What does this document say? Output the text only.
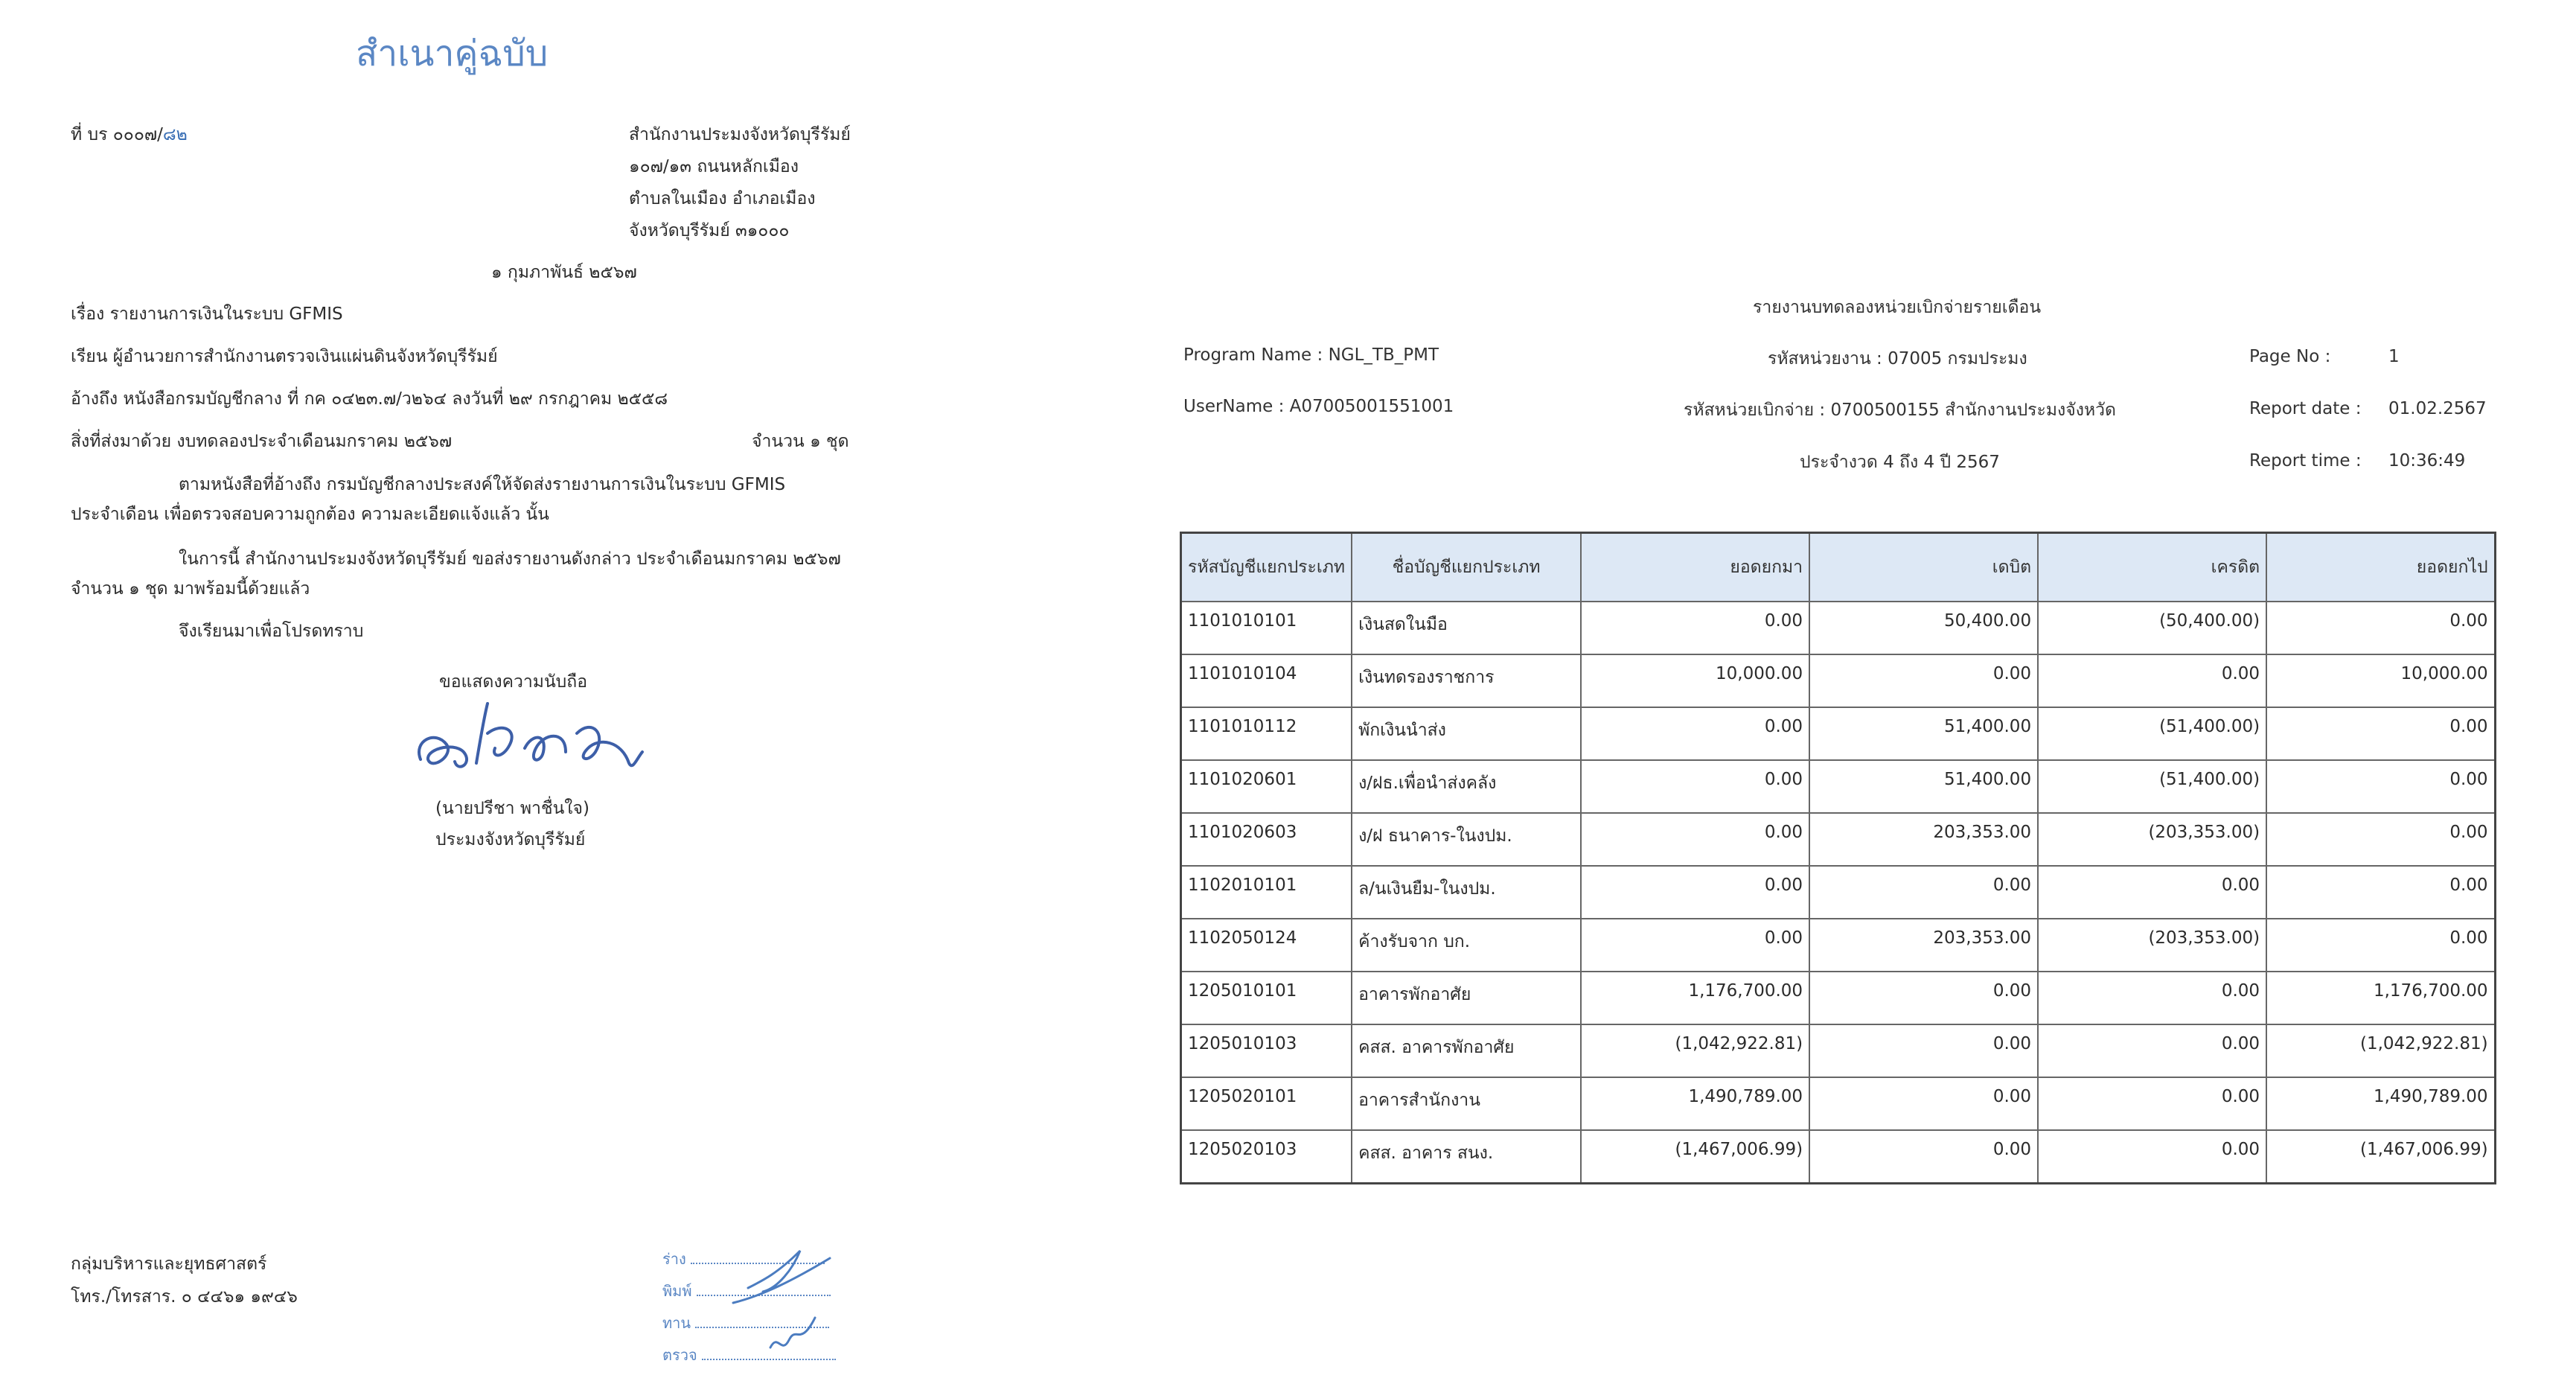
สำเนาคู่ฉบับ
ที่ บร ๐๐๐๗/๘๒	สำนักงานประมงจังหวัดบุรีรัมย์
๑๐๗/๑๓ ถนนหลักเมือง
ตำบลในเมือง อำเภอเมือง
จังหวัดบุรีรัมย์ ๓๑๐๐๐
๑ กุมภาพันธ์ ๒๕๖๗
เรื่อง รายงานการเงินในระบบ GFMIS
เรียน ผู้อำนวยการสำนักงานตรวจเงินแผ่นดินจังหวัดบุรีรัมย์
อ้างถึง หนังสือกรมบัญชีกลาง ที่ กค ๐๔๒๓.๗/ว๒๖๔ ลงวันที่ ๒๙ กรกฎาคม ๒๕๕๘
สิ่งที่ส่งมาด้วย งบทดลองประจำเดือนมกราคม ๒๕๖๗	จำนวน ๑ ชุด
ตามหนังสือที่อ้างถึง กรมบัญชีกลางประสงค์ให้จัดส่งรายงานการเงินในระบบ GFMIS
ประจำเดือน เพื่อตรวจสอบความถูกต้อง ความละเอียดแจ้งแล้ว นั้น
ในการนี้ สำนักงานประมงจังหวัดบุรีรัมย์ ขอส่งรายงานดังกล่าว ประจำเดือนมกราคม ๒๕๖๗
จำนวน ๑ ชุด มาพร้อมนี้ด้วยแล้ว
จึงเรียนมาเพื่อโปรดทราบ
ขอแสดงความนับถือ
(นายปรีชา พาชื่นใจ)
ประมงจังหวัดบุรีรัมย์
กลุ่มบริหารและยุทธศาสตร์
โทร./โทรสาร. ๐ ๔๔๖๑ ๑๙๔๖
ร่าง
พิมพ์
ทาน
ตรวจ
รายงานบทดลองหน่วยเบิกจ่ายรายเดือน
Program Name : NGL_TB_PMT
UserName : A07005001551001
รหัสหน่วยงาน : 07005 กรมประมง
รหัสหน่วยเบิกจ่าย : 0700500155 สำนักงานประมงจังหวัด
ประจำงวด 4 ถึง 4 ปี 2567
Page No :	1
Report date : 01.02.2567
Report time : 10:36:49
รหัสบัญชีแยกประเภท	ชื่อบัญชีแยกประเภท	ยอดยกมา	เดบิต	เครดิต	ยอดยกไป
1101010101	เงินสดในมือ	0.00	50,400.00	(50,400.00)	0.00
1101010104	เงินทดรองราชการ	10,000.00	0.00	0.00	10,000.00
1101010112	พักเงินนำส่ง	0.00	51,400.00	(51,400.00)	0.00
1101020601	ง/ฝธ.เพื่อนำส่งคลัง	0.00	51,400.00	(51,400.00)	0.00
1101020603	ง/ฝ ธนาคาร-ในงปม.	0.00	203,353.00	(203,353.00)	0.00
1102010101	ล/นเงินยืม-ในงปม.	0.00	0.00	0.00	0.00
1102050124	ค้างรับจาก บก.	0.00	203,353.00	(203,353.00)	0.00
1205010101	อาคารพักอาศัย	1,176,700.00	0.00	0.00	1,176,700.00
1205010103	คสส. อาคารพักอาศัย	(1,042,922.81)	0.00	0.00	(1,042,922.81)
1205020101	อาคารสำนักงาน	1,490,789.00	0.00	0.00	1,490,789.00
1205020103	คสส. อาคาร สนง.	(1,467,006.99)	0.00	0.00	(1,467,006.99)
